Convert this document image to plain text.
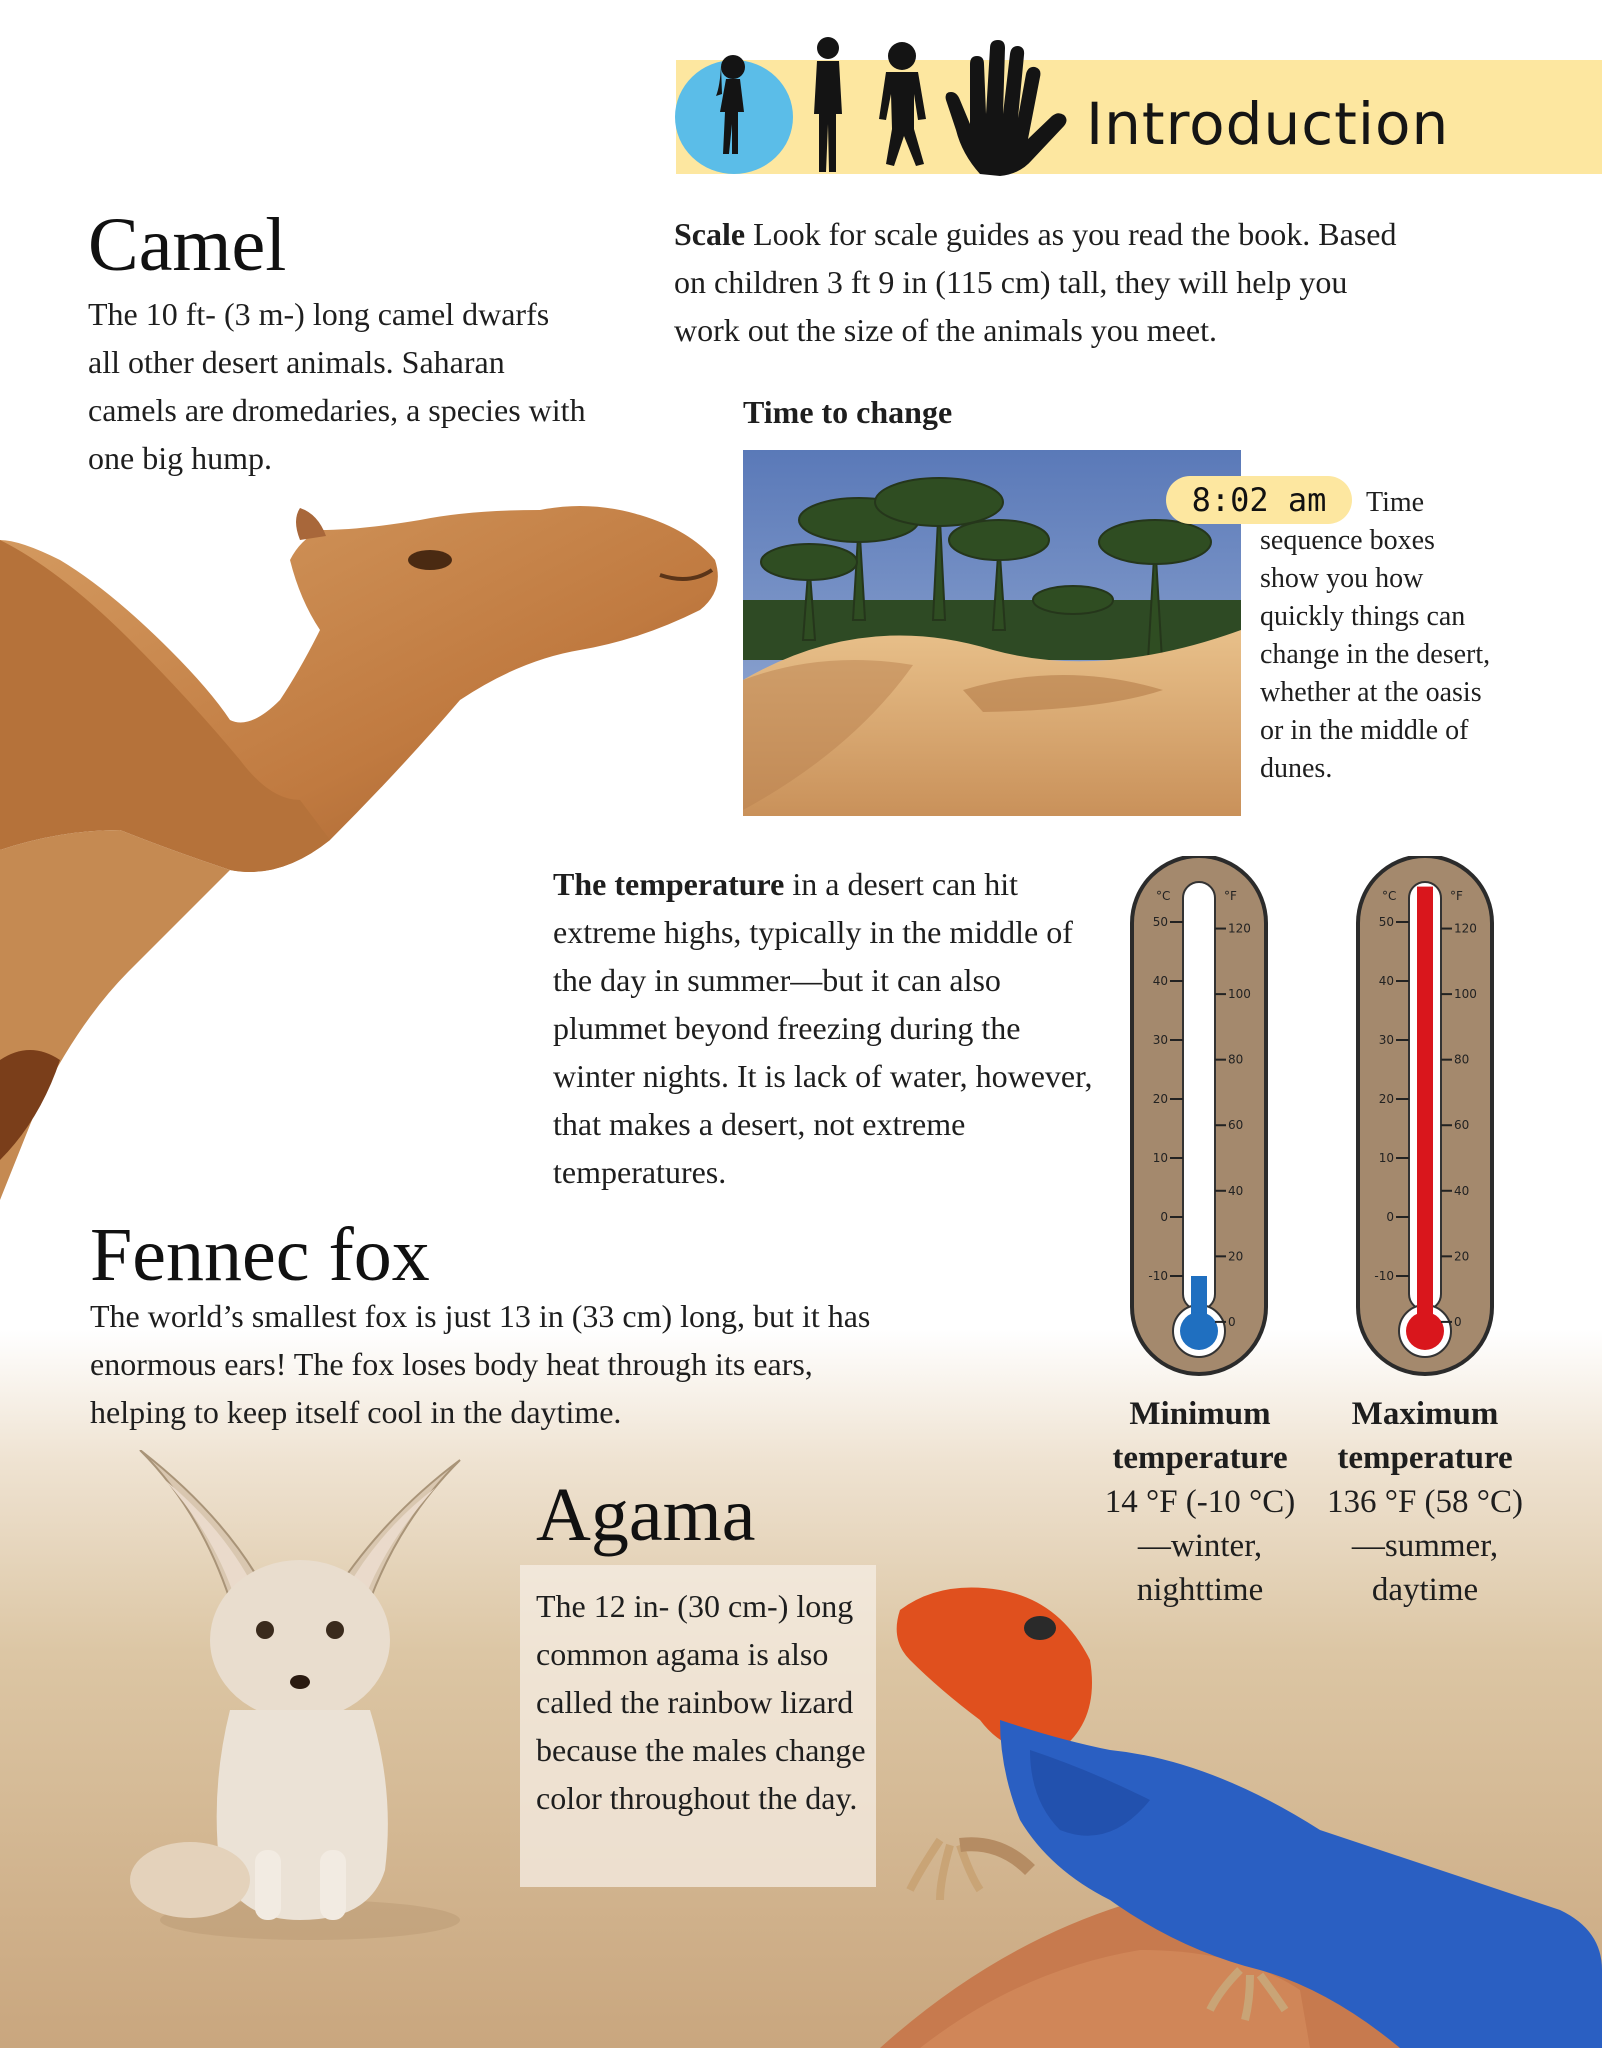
Introduction
Camel
The 10 ft- (3 m-) long camel dwarfs all other desert animals. Saharan camels are dromedaries, a species with one big hump.
Scale Look for scale guides as you read the book. Based on children 3 ft 9 in (115 cm) tall, they will help you work out the size of the animals you meet.
Time to change
8:02 am	Time sequence boxes show you how quickly things can change in the desert, whether at the oasis or in the middle of dunes.
The temperature in a desert can hit extreme highs, typically in the middle of the day in summer—but it can also plummet beyond freezing during the winter nights. It is lack of water, however, that makes a desert, not extreme temperatures.
°C	°F
50
40
30
20
10
0
-10
120
100
80
60
40
20
0
°C	°F
50
40
30
20
10
0
-10
120
100
80
60
40
20
0
Minimum
temperature
14 °F (-10 °C)
—winter,
nighttime
Maximum
temperature
136 °F (58 °C)
—summer,
daytime
Fennec fox
The world’s smallest fox is just 13 in (33 cm) long, but it has enormous ears! The fox loses body heat through its ears, helping to keep itself cool in the daytime.
Agama
The 12 in- (30 cm-) long common agama is also called the rainbow lizard because the males change color throughout the day.
